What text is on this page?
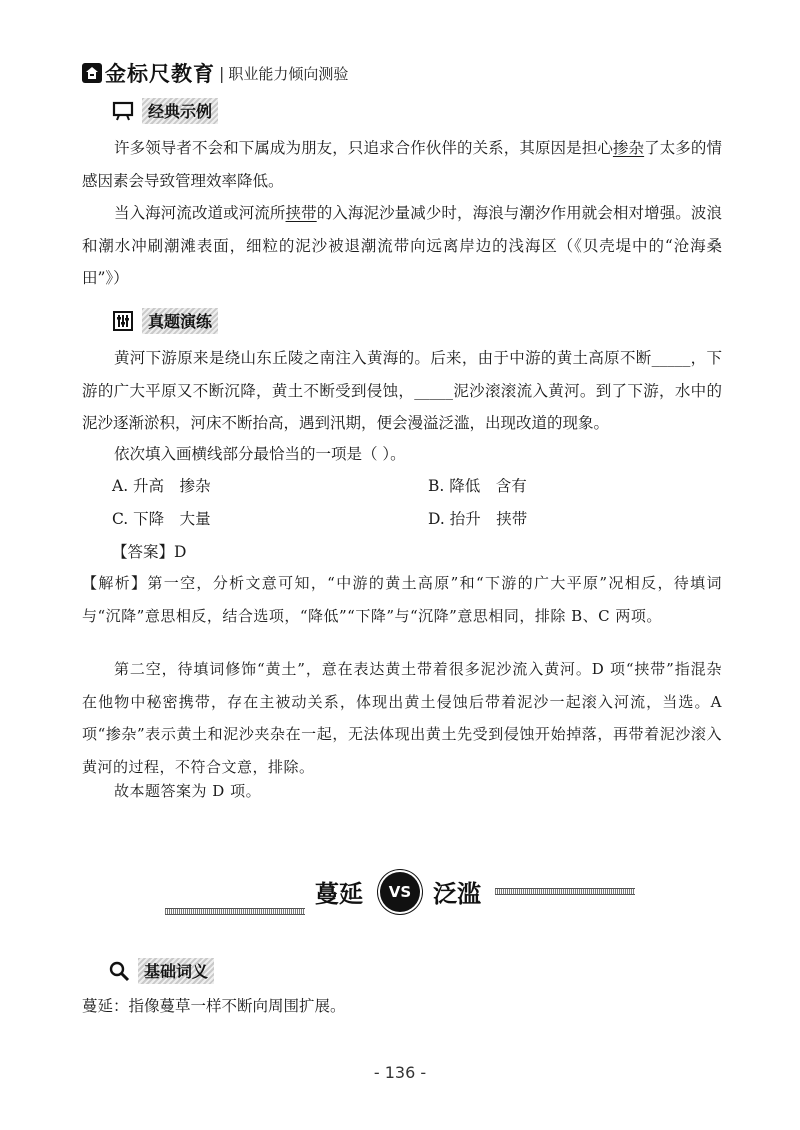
金标尺教育 | 职业能力倾向测验
经典示例

许多领导者不会和下属成为朋友，只追求合作伙伴的关系，其原因是担心掺杂了太多的情感因素会导致管理效率降低。

当入海河流改道或河流所挟带的入海泥沙量减少时，海浪与潮汐作用就会相对增强。波浪和潮水冲刷潮滩表面，细粒的泥沙被退潮流带向远离岸边的浅海区（《贝壳堤中的“沧海桑田”》）

真题演练

黄河下游原来是绕山东丘陵之南注入黄海的。后来，由于中游的黄土高原不断_____，下游的广大平原又不断沉降，黄土不断受到侵蚀，_____泥沙滚滚流入黄河。到了下游，水中的泥沙逐渐淤积，河床不断抬高，遇到汛期，便会漫溢泛滥，出现改道的现象。

依次填入画横线部分最恰当的一项是（ ）。

A. 升高　掺杂	B. 降低　含有
C. 下降　大量	D. 抬升　挟带
【答案】D

【解析】第一空，分析文意可知，“中游的黄土高原”和“下游的广大平原”况相反，待填词与“沉降”意思相反，结合选项，“降低”“下降”与“沉降”意思相同，排除 B、C 两项。

第二空，待填词修饰“黄土”，意在表达黄土带着很多泥沙流入黄河。D 项“挟带”指混杂在他物中秘密携带，存在主被动关系，体现出黄土侵蚀后带着泥沙一起滚入河流，当选。A 项“掺杂”表示黄土和泥沙夹杂在一起，无法体现出黄土先受到侵蚀开始掉落，再带着泥沙滚入黄河的过程，不符合文意，排除。

故本题答案为 D 项。

蔓延	VS 泛滥
基础词义

蔓延：指像蔓草一样不断向周围扩展。

- 136 -
